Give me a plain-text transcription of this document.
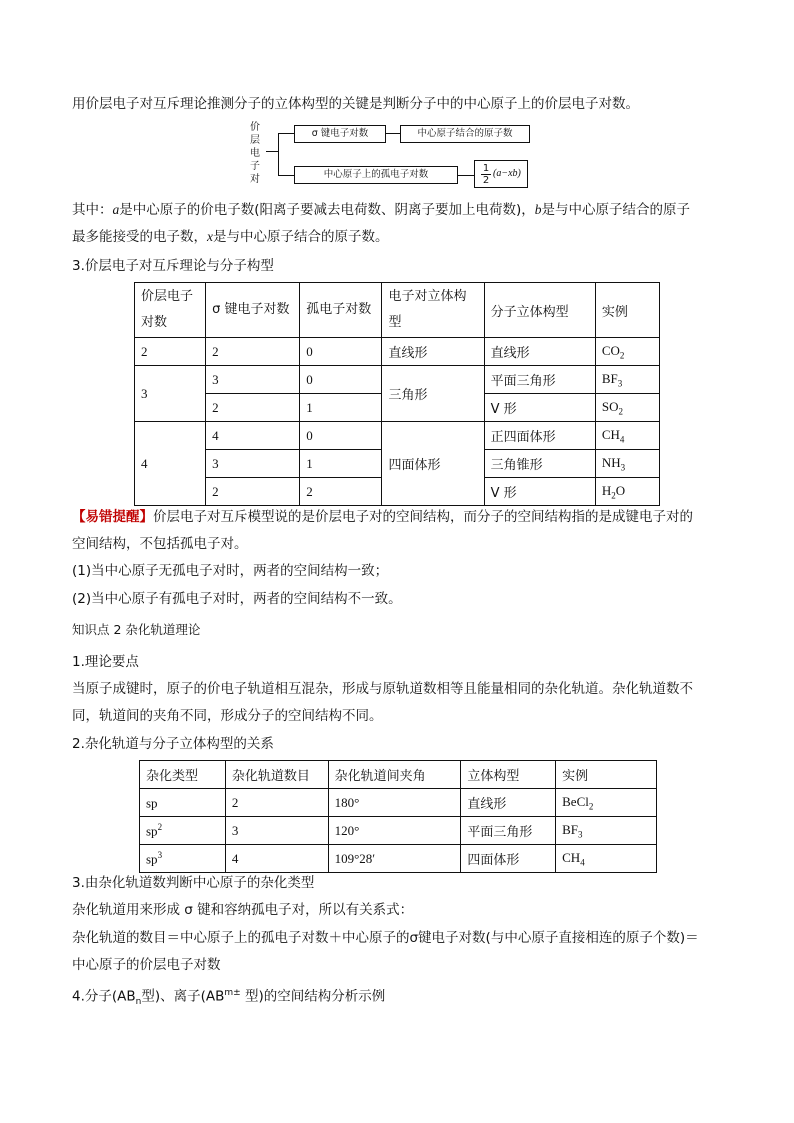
用价层电子对互斥理论推测分子的立体构型的关键是判断分子中的中心原子上的价层电子对数。
价
层
电
子
对
σ 键电子对数	中心原子结合的原子数
中心原子上的孤电子对数
1
2
(a−xb)
其中：a是中心原子的价电子数(阳离子要减去电荷数、阴离子要加上电荷数)，b是与中心原子结合的原子
最多能接受的电子数，x是与中心原子结合的原子数。
3.价层电子对互斥理论与分子构型
价层电子对数	σ 键电子对数	孤电子对数	电子对立体构型	分子立体构型	实例
2	2	0	直线形	直线形	$CO_2$
3	3	0	三角形	平面三角形	$BF_3$
	2	1		V 形	$SO_2$
4	4	0	四面体形	正四面体形	$CH_4$
	3	1		三角锥形	$NH_3$
	2	2		V 形	$H_2O$
【易错提醒】价层电子对互斥模型说的是价层电子对的空间结构，而分子的空间结构指的是成键电子对的
空间结构，不包括孤电子对。
(1)当中心原子无孤电子对时，两者的空间结构一致；
(2)当中心原子有孤电子对时，两者的空间结构不一致。
知识点 2 杂化轨道理论
1.理论要点
当原子成键时，原子的价电子轨道相互混杂，形成与原轨道数相等且能量相同的杂化轨道。杂化轨道数不
同，轨道间的夹角不同，形成分子的空间结构不同。
2.杂化轨道与分子立体构型的关系
杂化类型	杂化轨道数目	杂化轨道间夹角	立体构型	实例
sp	2	180°	直线形	BeCl$_2$
$sp^2$	3	120°	平面三角形	$BF_3$
$sp^3$	4	109°28′	四面体形	$CH_4$
3.由杂化轨道数判断中心原子的杂化类型
杂化轨道用来形成 σ 键和容纳孤电子对，所以有关系式：
杂化轨道的数目＝中心原子上的孤电子对数＋中心原子的σ键电子对数(与中心原子直接相连的原子个数)＝
中心原子的价层电子对数
4.分子($AB_n$型)、离子($AB^{m\pm}$ 型)的空间结构分析示例
